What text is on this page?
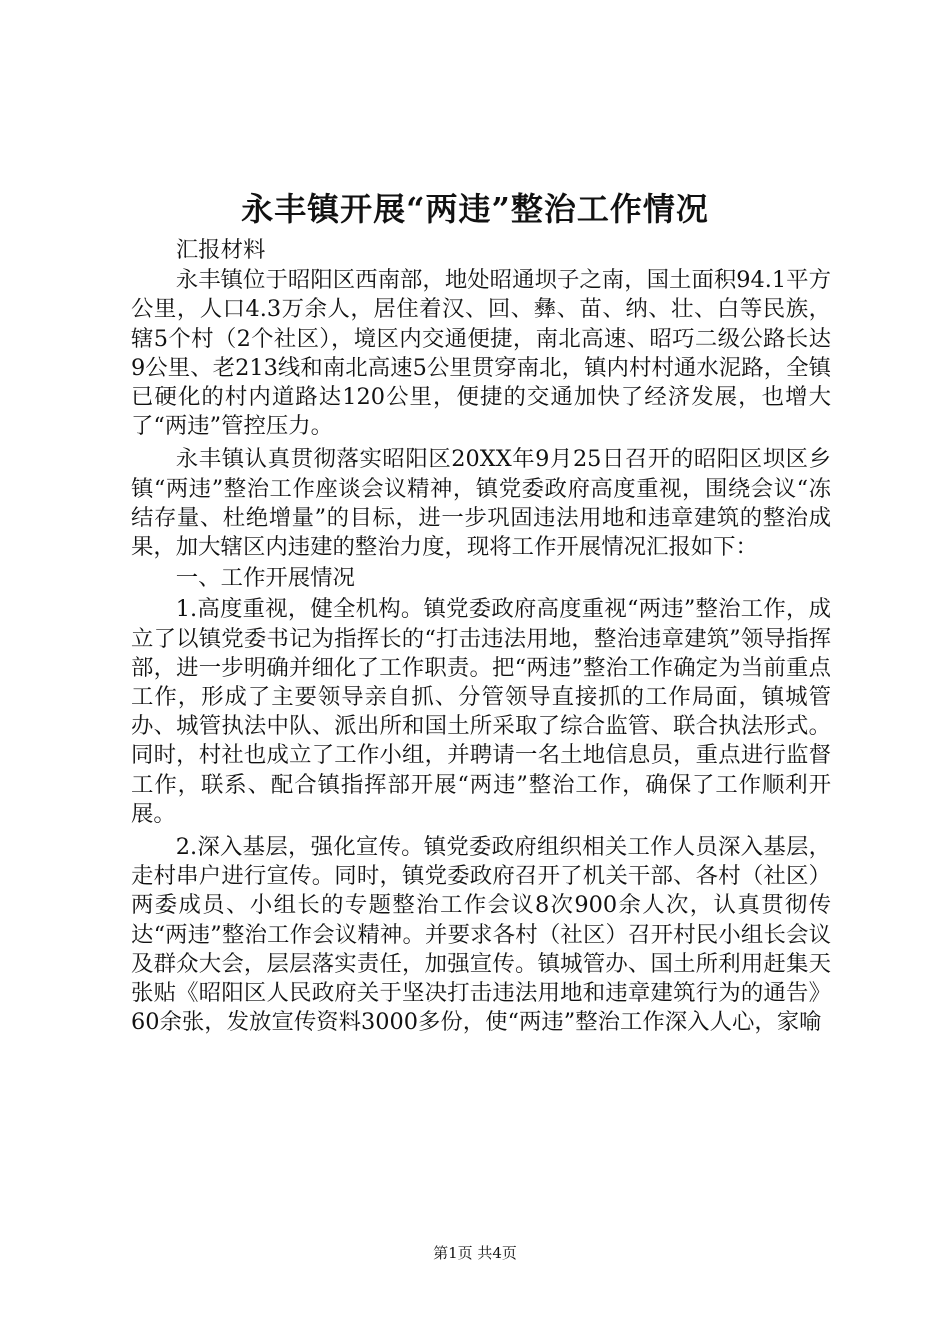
永丰镇开展“两违”整治工作情况

汇报材料

永丰镇位于昭阳区西南部，地处昭通坝子之南，国土面积94.1平方公里，人口4.3万余人，居住着汉、回、彝、苗、纳、壮、白等民族，辖5个村（2个社区），境区内交通便捷，南北高速、昭巧二级公路长达9公里、老213线和南北高速5公里贯穿南北，镇内村村通水泥路，全镇已硬化的村内道路达120公里，便捷的交通加快了经济发展，也增大了“两违”管控压力。

永丰镇认真贯彻落实昭阳区20XX年9月25日召开的昭阳区坝区乡镇“两违”整治工作座谈会议精神，镇党委政府高度重视，围绕会议“冻结存量、杜绝增量”的目标，进一步巩固违法用地和违章建筑的整治成果，加大辖区内违建的整治力度，现将工作开展情况汇报如下：

一、工作开展情况

1.高度重视，健全机构。镇党委政府高度重视“两违”整治工作，成立了以镇党委书记为指挥长的“打击违法用地，整治违章建筑”领导指挥部，进一步明确并细化了工作职责。把“两违”整治工作确定为当前重点工作，形成了主要领导亲自抓、分管领导直接抓的工作局面，镇城管办、城管执法中队、派出所和国土所采取了综合监管、联合执法形式。同时，村社也成立了工作小组，并聘请一名土地信息员，重点进行监督工作，联系、配合镇指挥部开展“两违”整治工作，确保了工作顺利开展。

2.深入基层，强化宣传。镇党委政府组织相关工作人员深入基层，走村串户进行宣传。同时，镇党委政府召开了机关干部、各村（社区）两委成员、小组长的专题整治工作会议8次900余人次，认真贯彻传达“两违”整治工作会议精神。并要求各村（社区）召开村民小组长会议及群众大会，层层落实责任，加强宣传。镇城管办、国土所利用赶集天张贴《昭阳区人民政府关于坚决打击违法用地和违章建筑行为的通告》60余张，发放宣传资料3000多份，使“两违”整治工作深入人心，家喻

第1页 共4页
